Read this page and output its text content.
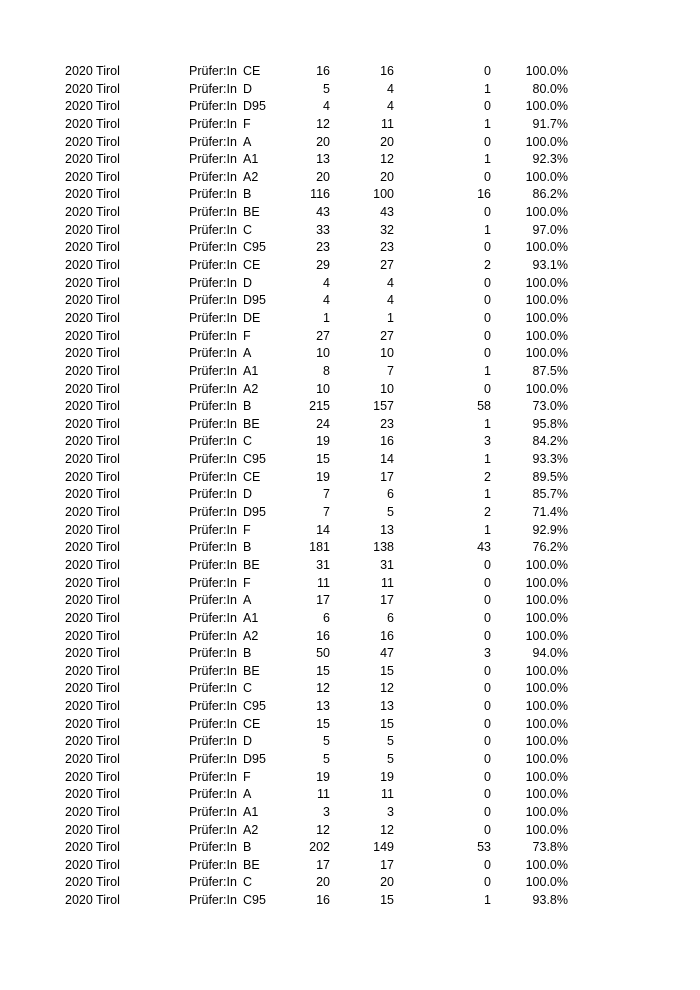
2020 Tirol	Prüfer:In CE	16	16	0	100.0%
2020 Tirol	Prüfer:In D	5	4	1	80.0%
2020 Tirol	Prüfer:In D95	4	4	0	100.0%
2020 Tirol	Prüfer:In F	12	11	1	91.7%
2020 Tirol	Prüfer:In A	20	20	0	100.0%
2020 Tirol	Prüfer:In A1	13	12	1	92.3%
2020 Tirol	Prüfer:In A2	20	20	0	100.0%
2020 Tirol	Prüfer:In B	116	100	16	86.2%
2020 Tirol	Prüfer:In BE	43	43	0	100.0%
2020 Tirol	Prüfer:In C	33	32	1	97.0%
2020 Tirol	Prüfer:In C95	23	23	0	100.0%
2020 Tirol	Prüfer:In CE	29	27	2	93.1%
2020 Tirol	Prüfer:In D	4	4	0	100.0%
2020 Tirol	Prüfer:In D95	4	4	0	100.0%
2020 Tirol	Prüfer:In DE	1	1	0	100.0%
2020 Tirol	Prüfer:In F	27	27	0	100.0%
2020 Tirol	Prüfer:In A	10	10	0	100.0%
2020 Tirol	Prüfer:In A1	8	7	1	87.5%
2020 Tirol	Prüfer:In A2	10	10	0	100.0%
2020 Tirol	Prüfer:In B	215	157	58	73.0%
2020 Tirol	Prüfer:In BE	24	23	1	95.8%
2020 Tirol	Prüfer:In C	19	16	3	84.2%
2020 Tirol	Prüfer:In C95	15	14	1	93.3%
2020 Tirol	Prüfer:In CE	19	17	2	89.5%
2020 Tirol	Prüfer:In D	7	6	1	85.7%
2020 Tirol	Prüfer:In D95	7	5	2	71.4%
2020 Tirol	Prüfer:In F	14	13	1	92.9%
2020 Tirol	Prüfer:In B	181	138	43	76.2%
2020 Tirol	Prüfer:In BE	31	31	0	100.0%
2020 Tirol	Prüfer:In F	11	11	0	100.0%
2020 Tirol	Prüfer:In A	17	17	0	100.0%
2020 Tirol	Prüfer:In A1	6	6	0	100.0%
2020 Tirol	Prüfer:In A2	16	16	0	100.0%
2020 Tirol	Prüfer:In B	50	47	3	94.0%
2020 Tirol	Prüfer:In BE	15	15	0	100.0%
2020 Tirol	Prüfer:In C	12	12	0	100.0%
2020 Tirol	Prüfer:In C95	13	13	0	100.0%
2020 Tirol	Prüfer:In CE	15	15	0	100.0%
2020 Tirol	Prüfer:In D	5	5	0	100.0%
2020 Tirol	Prüfer:In D95	5	5	0	100.0%
2020 Tirol	Prüfer:In F	19	19	0	100.0%
2020 Tirol	Prüfer:In A	11	11	0	100.0%
2020 Tirol	Prüfer:In A1	3	3	0	100.0%
2020 Tirol	Prüfer:In A2	12	12	0	100.0%
2020 Tirol	Prüfer:In B	202	149	53	73.8%
2020 Tirol	Prüfer:In BE	17	17	0	100.0%
2020 Tirol	Prüfer:In C	20	20	0	100.0%
2020 Tirol	Prüfer:In C95	16	15	1	93.8%
